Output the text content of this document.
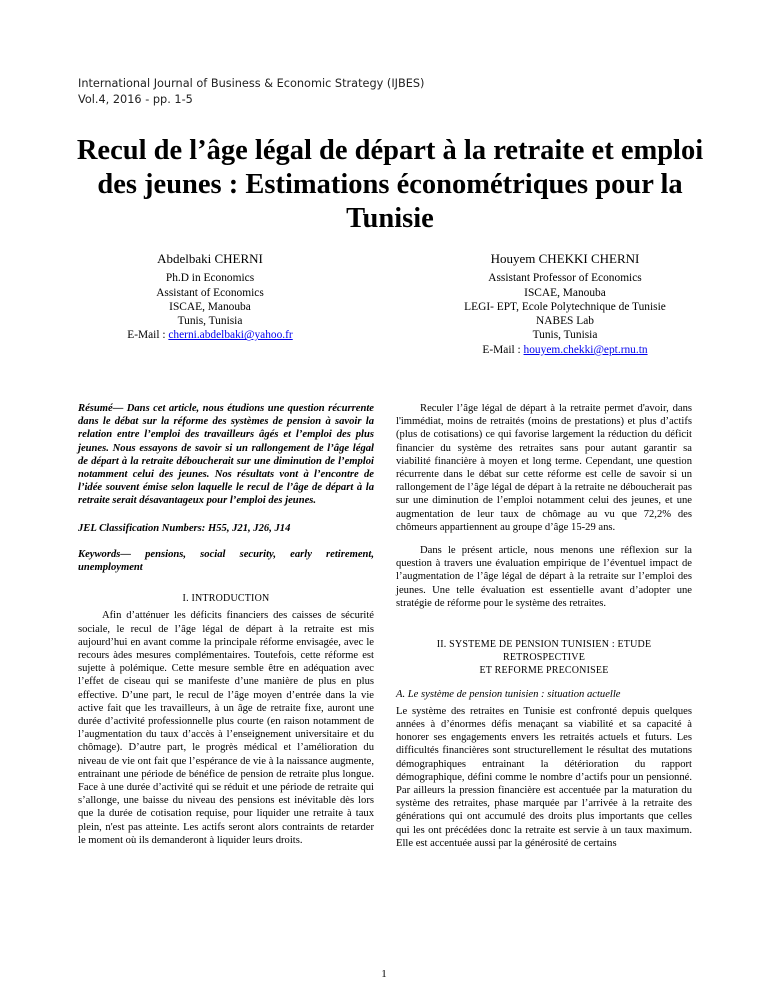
International Journal of Business & Economic Strategy (IJBES)
Vol.4, 2016 - pp. 1-5
Recul de l’âge légal de départ à la retraite et emploi des jeunes : Estimations économétriques pour la Tunisie
Abdelbaki CHERNI
Ph.D in Economics
Assistant of Economics
ISCAE, Manouba
Tunis, Tunisia
E-Mail : cherni.abdelbaki@yahoo.fr
Houyem CHEKKI CHERNI
Assistant Professor of Economics
ISCAE, Manouba
LEGI- EPT, Ecole Polytechnique de Tunisie
NABES Lab
Tunis, Tunisia
E-Mail : houyem.chekki@ept.rnu.tn

Résumé— Dans cet article, nous étudions une question récurrente dans le débat sur la réforme des systèmes de pension à savoir la relation entre l’emploi des travailleurs âgés et l’emploi des plus jeunes. Nous essayons de savoir si un rallongement de l’âge légal de départ à la retraite déboucherait sur une diminution de l’emploi notamment celui des jeunes. Nos résultats vont à l’encontre de l’idée souvent émise selon laquelle le recul de l’âge de départ à la retraite serait désavantageux pour l’emploi des jeunes.

JEL Classification Numbers: H55, J21, J26, J14

Keywords— pensions, social security, early retirement, unemployment

I. INTRODUCTION

Afin d’atténuer les déficits financiers des caisses de sécurité sociale, le recul de l’âge légal de départ à la retraite est mis aujourd’hui en avant comme la principale réforme envisagée, avec le recours àdes mesures complémentaires. Toutefois, cette réforme est sujette à polémique. Cette mesure semble être en adéquation avec l’effet de ciseau qui se manifeste d’une manière de plus en plus effective. D’une part, le recul de l’âge moyen d’entrée dans la vie active fait que les travailleurs, à un âge de retraite fixe, auront une durée d’activité professionnelle plus courte (en raison notamment de l’augmentation du taux d’accès à l’enseignement universitaire et du chômage). D’autre part, le progrès médical et l’amélioration du niveau de vie ont fait que l’espérance de vie à la naissance augmente, entrainant une période de bénéfice de pension de retraite plus longue. Face à une durée d’activité qui se réduit et une période de retraite qui s’allonge, une baisse du niveau des pensions est inévitable dès lors que la durée de cotisation requise, pour liquider une retraite à taux plein, n'est pas atteinte. Les actifs seront alors contraints de retarder le moment où ils demanderont à liquider leurs droits.

Reculer l’âge légal de départ à la retraite permet d'avoir, dans l'immédiat, moins de retraités (moins de prestations) et plus d’actifs (plus de cotisations) ce qui favorise largement la réduction du déficit financier du système des retraites sans pour autant garantir sa viabilité financière à moyen et long terme. Cependant, une question récurrente dans le débat sur cette réforme est celle de savoir si un rallongement de l’âge légal de départ à la retraite ne déboucherait pas sur une diminution de l’emploi notamment celui des jeunes, et une augmentation de leur taux de chômage au vu que 72,2% des chômeurs appartiennent au groupe d’âge 15-29 ans.

Dans le présent article, nous menons une réflexion sur la question à travers une évaluation empirique de l’éventuel impact de l’augmentation de l’âge légal de départ à la retraite sur l’emploi des jeunes. Une telle évaluation est essentielle avant d’adopter une stratégie de réforme pour le système des retraites.

II. SYSTEME DE PENSION TUNISIEN : ETUDE RETROSPECTIVE

ET REFORME PRECONISEE

A. Le système de pension tunisien : situation actuelle

Le système des retraites en Tunisie est confronté depuis quelques années à d’énormes défis menaçant sa viabilité et sa capacité à honorer ses engagements envers les retraités actuels et futurs. Les difficultés financières sont structurellement le résultat des mutations démographiques entrainant la détérioration du rapport démographique, défini comme le nombre d’actifs pour un pensionné. Par ailleurs la pression financière est accentuée par la maturation du système des retraites, phase marquée par l’arrivée à la retraite des générations qui ont accumulé des droits plus importants que celles qui les ont précédées donc la retraite est servie à un taux maximum. Elle est accentuée aussi par la générosité de certains

1
